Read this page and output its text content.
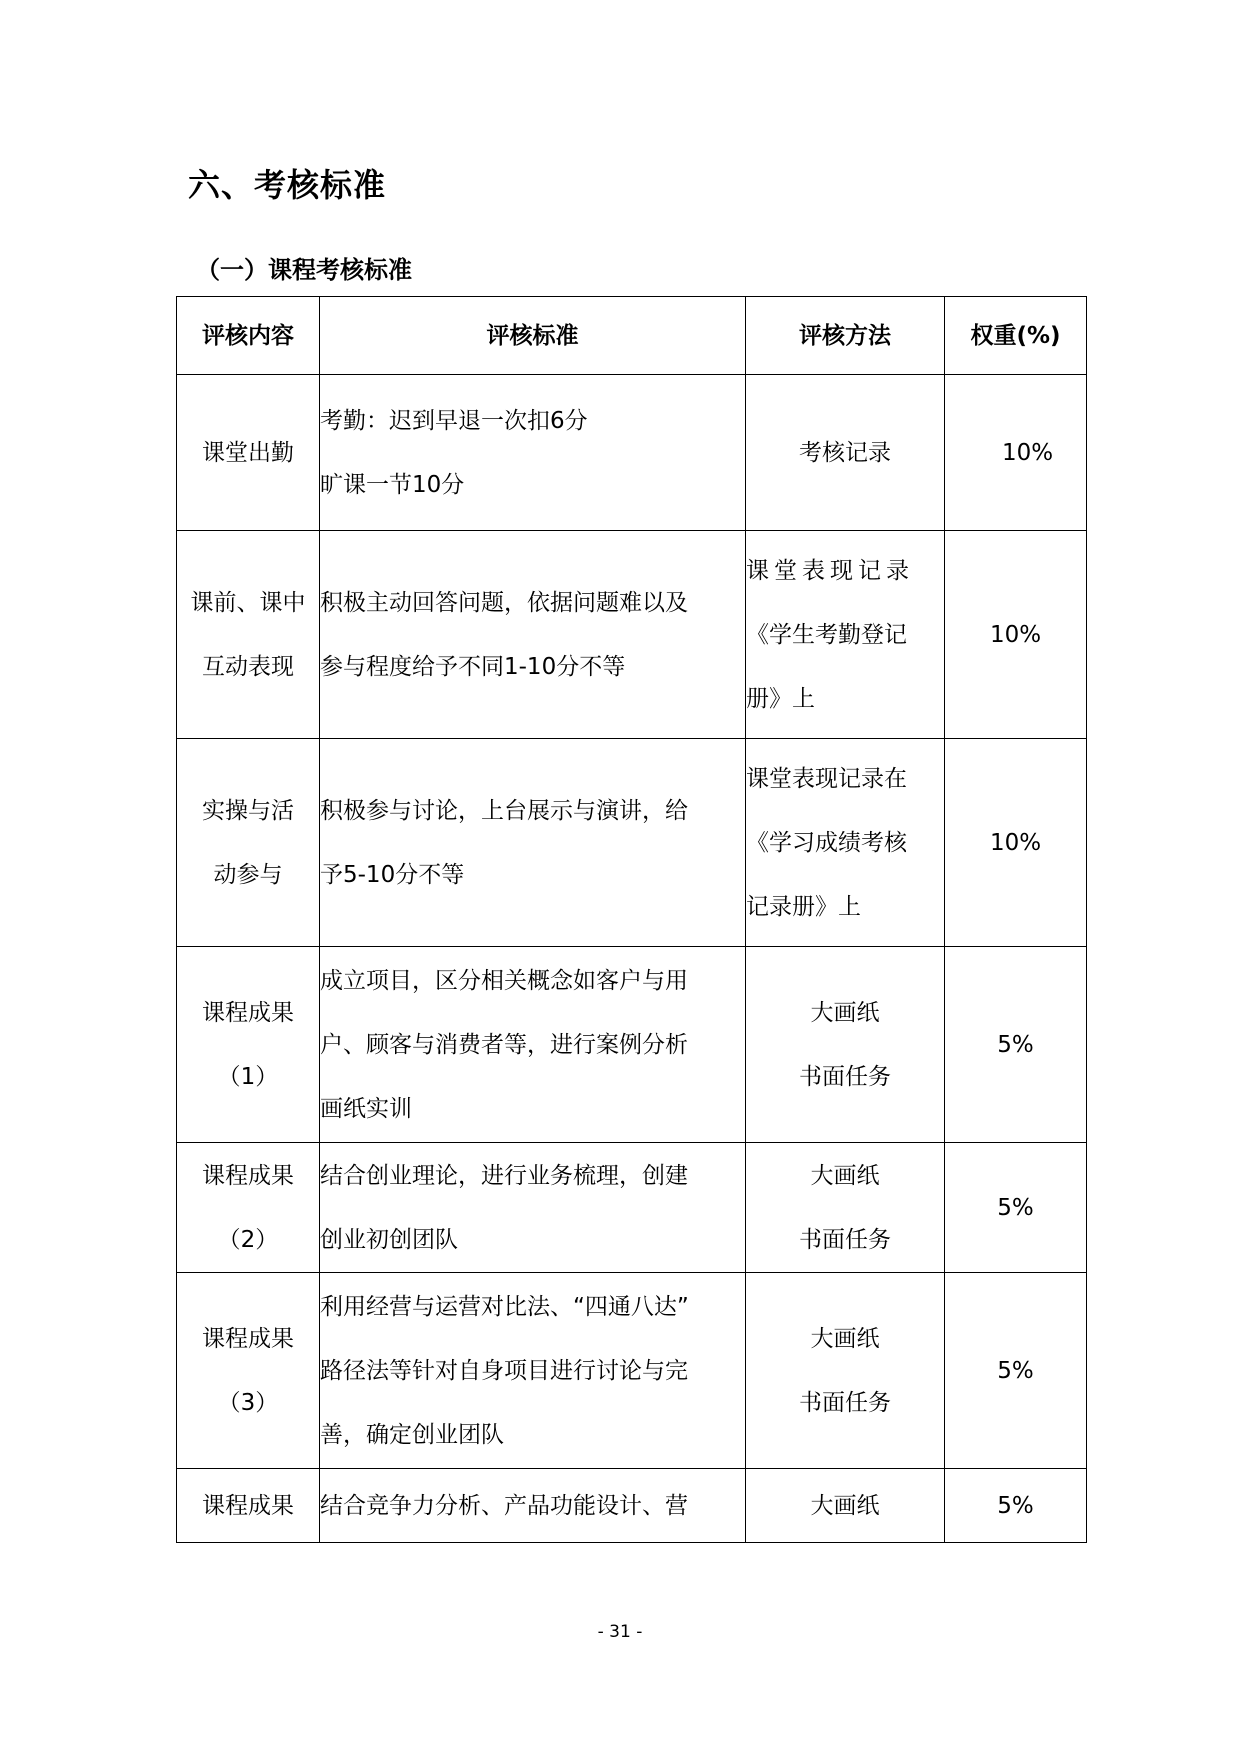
六、考核标准
（一）课程考核标准
评核内容	评核标准	评核方法	权重(%)

课堂出勤	考勤：迟到早退一次扣6分
旷课一节10分	考核记录	10%

课前、课中
互动表现	积极主动回答问题，依据问题难以及
参与程度给予不同1-10分不等	课堂表现记录
《学生考勤登记
册》上	10%

实操与活
动参与	积极参与讨论，上台展示与演讲，给
予5-10分不等	课堂表现记录在
《学习成绩考核
记录册》上	10%

课程成果
（1）	成立项目，区分相关概念如客户与用
户、顾客与消费者等，进行案例分析
画纸实训	大画纸
书面任务	5%

课程成果
（2）	结合创业理论，进行业务梳理，创建
创业初创团队	大画纸
书面任务	5%

课程成果
（3）	利用经营与运营对比法、“四通八达”
路径法等针对自身项目进行讨论与完
善，确定创业团队	大画纸
书面任务	5%

课程成果	结合竞争力分析、产品功能设计、营	大画纸	5%
- 31 -
